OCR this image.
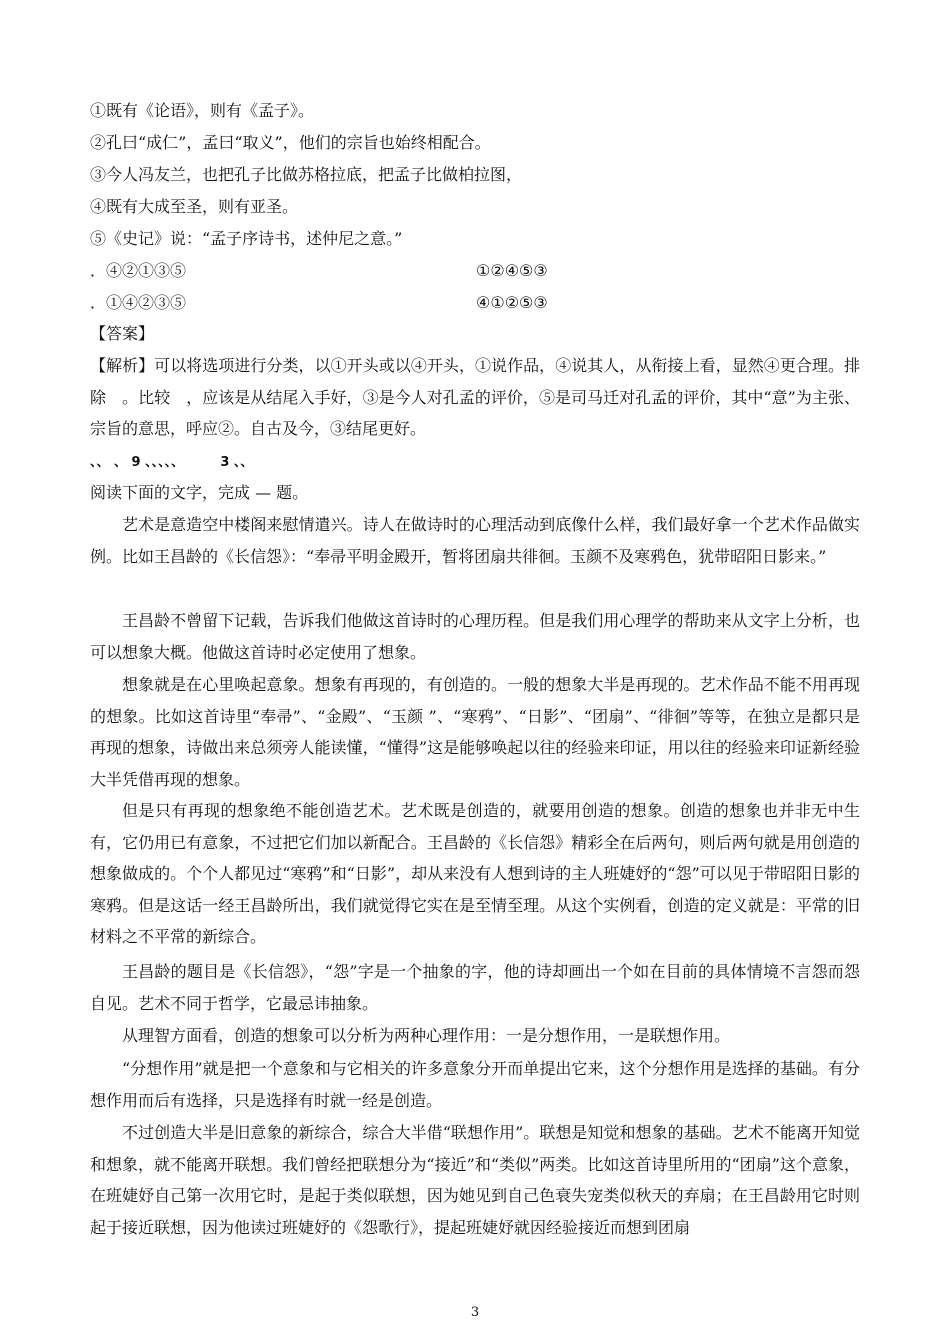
①既有《论语》，则有《孟子》。
②孔曰“成仁”，孟曰“取义”，他们的宗旨也始终相配合。
③今人冯友兰，也把孔子比做苏格拉底，把孟子比做柏拉图，
④既有大成至圣，则有亚圣。
⑤《史记》说：“孟子序诗书，述仲尼之意。”
．④②①③⑤	①②④⑤③
．①④②③⑤	④①②⑤③
【答案】
【解析】可以将选项进行分类，以①开头或以④开头，①说作品，④说其人，从衔接上看，显然④更合理。排除　。比较　，应该是从结尾入手好，③是今人对孔孟的评价，⑤是司马迁对孔孟的评价，其中“意”为主张、宗旨的意思，呼应②。自古及今，③结尾更好。
、、 、 9 、、、、、        3 、、
阅读下面的文字，完成 — 题。
艺术是意造空中楼阁来慰情遣兴。诗人在做诗时的心理活动到底像什么样，我们最好拿一个艺术作品做实例。比如王昌龄的《长信怨》：“奉帚平明金殿开，暂将团扇共徘徊。玉颜不及寒鸦色，犹带昭阳日影来。”
王昌龄不曾留下记载，告诉我们他做这首诗时的心理历程。但是我们用心理学的帮助来从文字上分析，也可以想象大概。他做这首诗时必定使用了想象。
想象就是在心里唤起意象。想象有再现的，有创造的。一般的想象大半是再现的。艺术作品不能不用再现的想象。比如这首诗里“奉帚”、“金殿”、“玉颜 ”、“寒鸦”、“日影”、“团扇”、“徘徊”等等，在独立是都只是再现的想象，诗做出来总须旁人能读懂，“懂得”这是能够唤起以往的经验来印证，用以往的经验来印证新经验大半凭借再现的想象。
但是只有再现的想象绝不能创造艺术。艺术既是创造的，就要用创造的想象。创造的想象也并非无中生有，它仍用已有意象，不过把它们加以新配合。王昌龄的《长信怨》精彩全在后两句，则后两句就是用创造的想象做成的。个个人都见过“寒鸦”和“日影”，却从来没有人想到诗的主人班婕妤的“怨”可以见于带昭阳日影的寒鸦。但是这话一经王昌龄所出，我们就觉得它实在是至情至理。从这个实例看，创造的定义就是：平常的旧材料之不平常的新综合。
王昌龄的题目是《长信怨》，“怨”字是一个抽象的字，他的诗却画出一个如在目前的具体情境不言怨而怨自见。艺术不同于哲学，它最忌讳抽象。
从理智方面看，创造的想象可以分析为两种心理作用：一是分想作用，一是联想作用。
“分想作用”就是把一个意象和与它相关的许多意象分开而单提出它来，这个分想作用是选择的基础。有分想作用而后有选择，只是选择有时就一经是创造。
不过创造大半是旧意象的新综合，综合大半借“联想作用”。联想是知觉和想象的基础。艺术不能离开知觉和想象，就不能离开联想。我们曾经把联想分为“接近”和“类似”两类。比如这首诗里所用的“团扇”这个意象，在班婕妤自己第一次用它时，是起于类似联想，因为她见到自己色衰失宠类似秋天的弃扇；在王昌龄用它时则起于接近联想，因为他读过班婕妤的《怨歌行》，提起班婕妤就因经验接近而想到团扇
3
